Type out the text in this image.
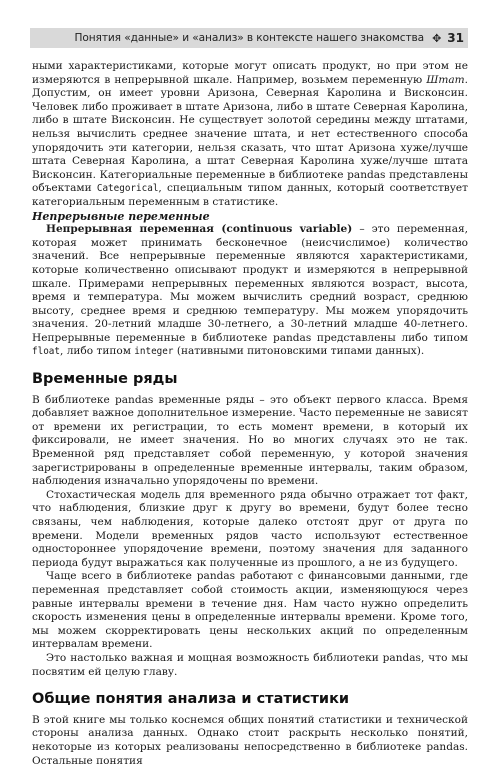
Понятия «данные» и «анализ» в контексте нашего знакомства ✥ 31

ными характеристиками, которые могут описать продукт, но при этом не измеряются в непрерывной шкале. Например, возьмем переменную Штат. Допустим, он имеет уровни Аризона, Северная Каролина и Висконсин. Человек либо проживает в штате Аризона, либо в штате Северная Каролина, либо в штате Висконсин. Не существует золотой середины между штатами, нельзя вычислить среднее значение штата, и нет естественного способа упорядочить эти категории, нельзя сказать, что штат Аризона хуже/лучше штата Северная Каролина, а штат Северная Каролина хуже/лучше штата Висконсин. Категориальные переменные в библиотеке pandas представлены объектами Categorical, специальным типом данных, который соответствует категориальным переменным в статистике.

Непрерывные переменные

Непрерывная переменная (continuous variable) – это переменная, которая может принимать бесконечное (неисчислимое) количество значений. Все непрерывные переменные являются характеристиками, которые количественно описывают продукт и измеряются в непрерывной шкале. Примерами непрерывных переменных являются возраст, высота, время и температура. Мы можем вычислить средний возраст, среднюю высоту, среднее время и среднюю температуру. Мы можем упорядочить значения. 20-летний младше 30-летнего, а 30-летний младше 40-летнего. Непрерывные переменные в библиотеке pandas представлены либо типом float, либо типом integer (нативными питоновскими типами данных).

Временные ряды

В библиотеке pandas временные ряды – это объект первого класса. Время добавляет важное дополнительное измерение. Часто переменные не зависят от времени их регистрации, то есть момент времени, в который их фиксировали, не имеет значения. Но во многих случаях это не так. Временной ряд представляет собой переменную, у которой значения зарегистрированы в определенные временные интервалы, таким образом, наблюдения изначально упорядочены по времени.

Стохастическая модель для временного ряда обычно отражает тот факт, что наблюдения, близкие друг к другу во времени, будут более тесно связаны, чем наблюдения, которые далеко отстоят друг от друга по времени. Модели временных рядов часто используют естественное одностороннее упорядочение времени, поэтому значения для заданного периода будут выражаться как полученные из прошлого, а не из будущего.

Чаще всего в библиотеке pandas работают с финансовыми данными, где переменная представляет собой стоимость акции, изменяющуюся через равные интервалы времени в течение дня. Нам часто нужно определить скорость изменения цены в определенные интервалы времени. Кроме того, мы можем скорректировать цены нескольких акций по определенным интервалам времени.

Это настолько важная и мощная возможность библиотеки pandas, что мы посвятим ей целую главу.

Общие понятия анализа и статистики

В этой книге мы только коснемся общих понятий статистики и технической стороны анализа данных. Однако стоит раскрыть несколько понятий, некоторые из которых реализованы непосредственно в библиотеке pandas. Остальные понятия
